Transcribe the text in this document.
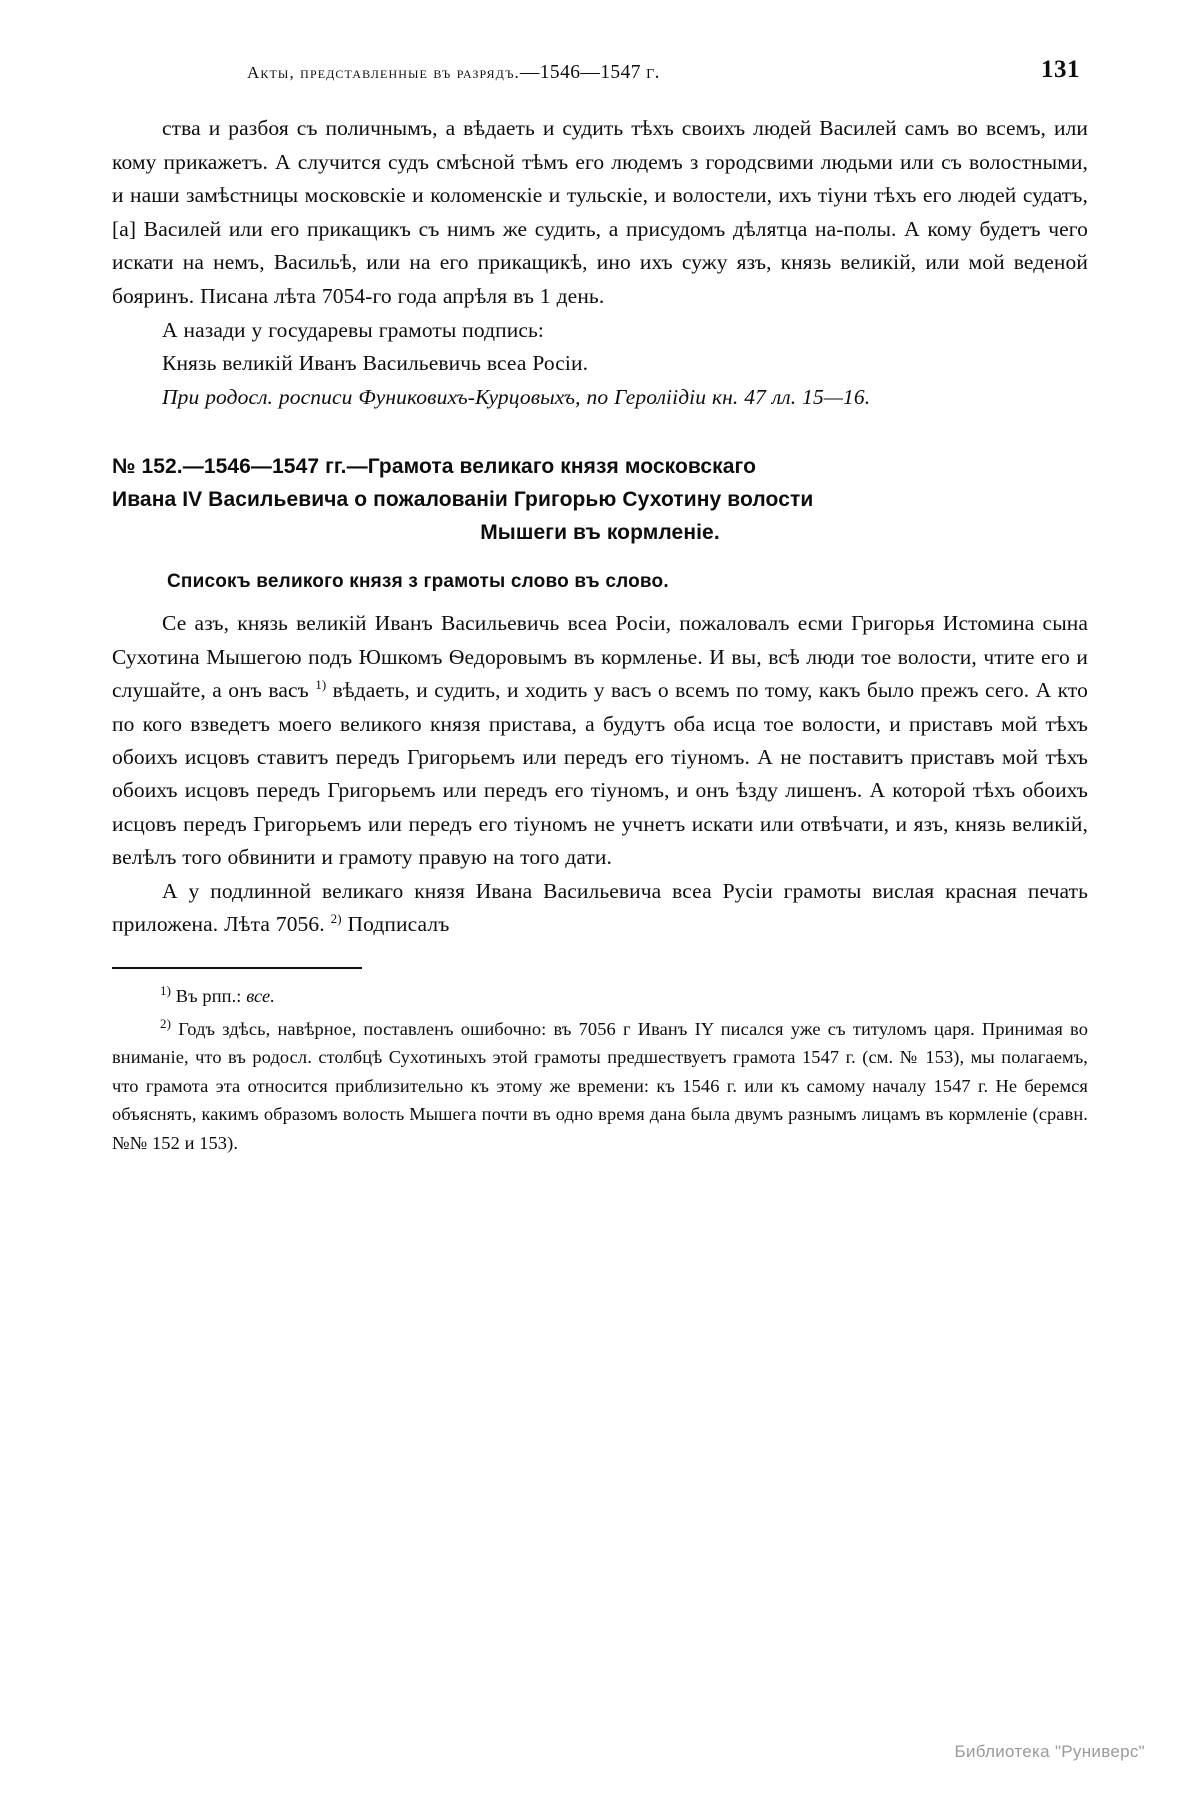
Акты, представленные въ разрядъ.—1546—1547 г.	131

ства и разбоя съ поличнымъ, а вѣдаеть и судить тѣхъ своихъ людей Василей самъ во всемъ, или кому прикажетъ. А случится судъ смѣсной тѣмъ его людемъ з городсвими людьми или съ волостными, и наши замѣстницы московскіе и коломенскіе и тульскіе, и волостели, ихъ тіуни тѣхъ его людей судатъ, [а] Василей или его прикащикъ съ нимъ же судить, а присудомъ дѣлятца на-полы. А кому будетъ чего искати на немъ, Васильѣ, или на его прикащикѣ, ино ихъ сужу язъ, князь великій, или мой веденой бояринъ. Писана лѣта 7054-го года апрѣля въ 1 день.

А назади у государевы грамоты подпись:

Князь великій Иванъ Васильевичь всеа Росіи.

При родосл. росписи Фуниковихъ-Курцовыхъ, по Героліідіи кн. 47 лл. 15—16.

№ 152.—1546—1547 гг.—Грамота великаго князя московскаго
Ивана IV Васильевича о пожалованіи Григорью Сухотину волости
Мышеги въ кормленіе.
Списокъ великого князя з грамоты слово въ слово.

Се азъ, князь великій Иванъ Васильевичь всеа Росіи, пожаловалъ есми Григорья Истомина сына Сухотина Мышегою подъ Юшкомъ Ѳедоровымъ въ кормленье. И вы, всѣ люди тое волости, чтите его и слушайте, а онъ васъ $^{1)}$ вѣдаеть, и судить, и ходить у васъ о всемъ по тому, какъ было прежъ сего. А кто по кого взведетъ моего великого князя пристава, а будутъ оба исца тое волости, и приставъ мой тѣхъ обоихъ исцовъ ставитъ перeдъ Григорьемъ или передъ его тіуномъ. А не поставитъ приставъ мой тѣхъ обоихъ исцовъ передъ Григорьемъ или передъ его тіуномъ, и онъ ѣзду лишенъ. А которой тѣхъ обоихъ исцовъ передъ Григорьемъ или передъ его тіуномъ не учнетъ искати или отвѣчати, и язъ, князь великій, велѣлъ того обвинити и грамоту правую на того дати.

А у подлинной великаго князя Ивана Васильевича всеа Русіи грамоты вислая красная печать приложена. Лѣта 7056. $^{2)}$ Подписалъ

$^{1)}$ Въ рпп.: все.

$^{2)}$ Годъ здѣсь, навѣрное, поставленъ ошибочно: въ 7056 г Иванъ IY писался уже съ титуломъ царя. Принимая во вниманіе, что въ родосл. столбцѣ Сухотиныхъ этой грамоты предшествуетъ грамота 1547 г. (см. № 153), мы полагаемъ, что грамота эта относится приблизительно къ этому же времени: къ 1546 г. или къ самому началу 1547 г. Не беремся объяснять, какимъ образомъ волость Мышега почти въ одно время дана была двумъ разнымъ лицамъ въ кормленіе (сравн. №№ 152 и 153).

Библиотека "Руниверс"
